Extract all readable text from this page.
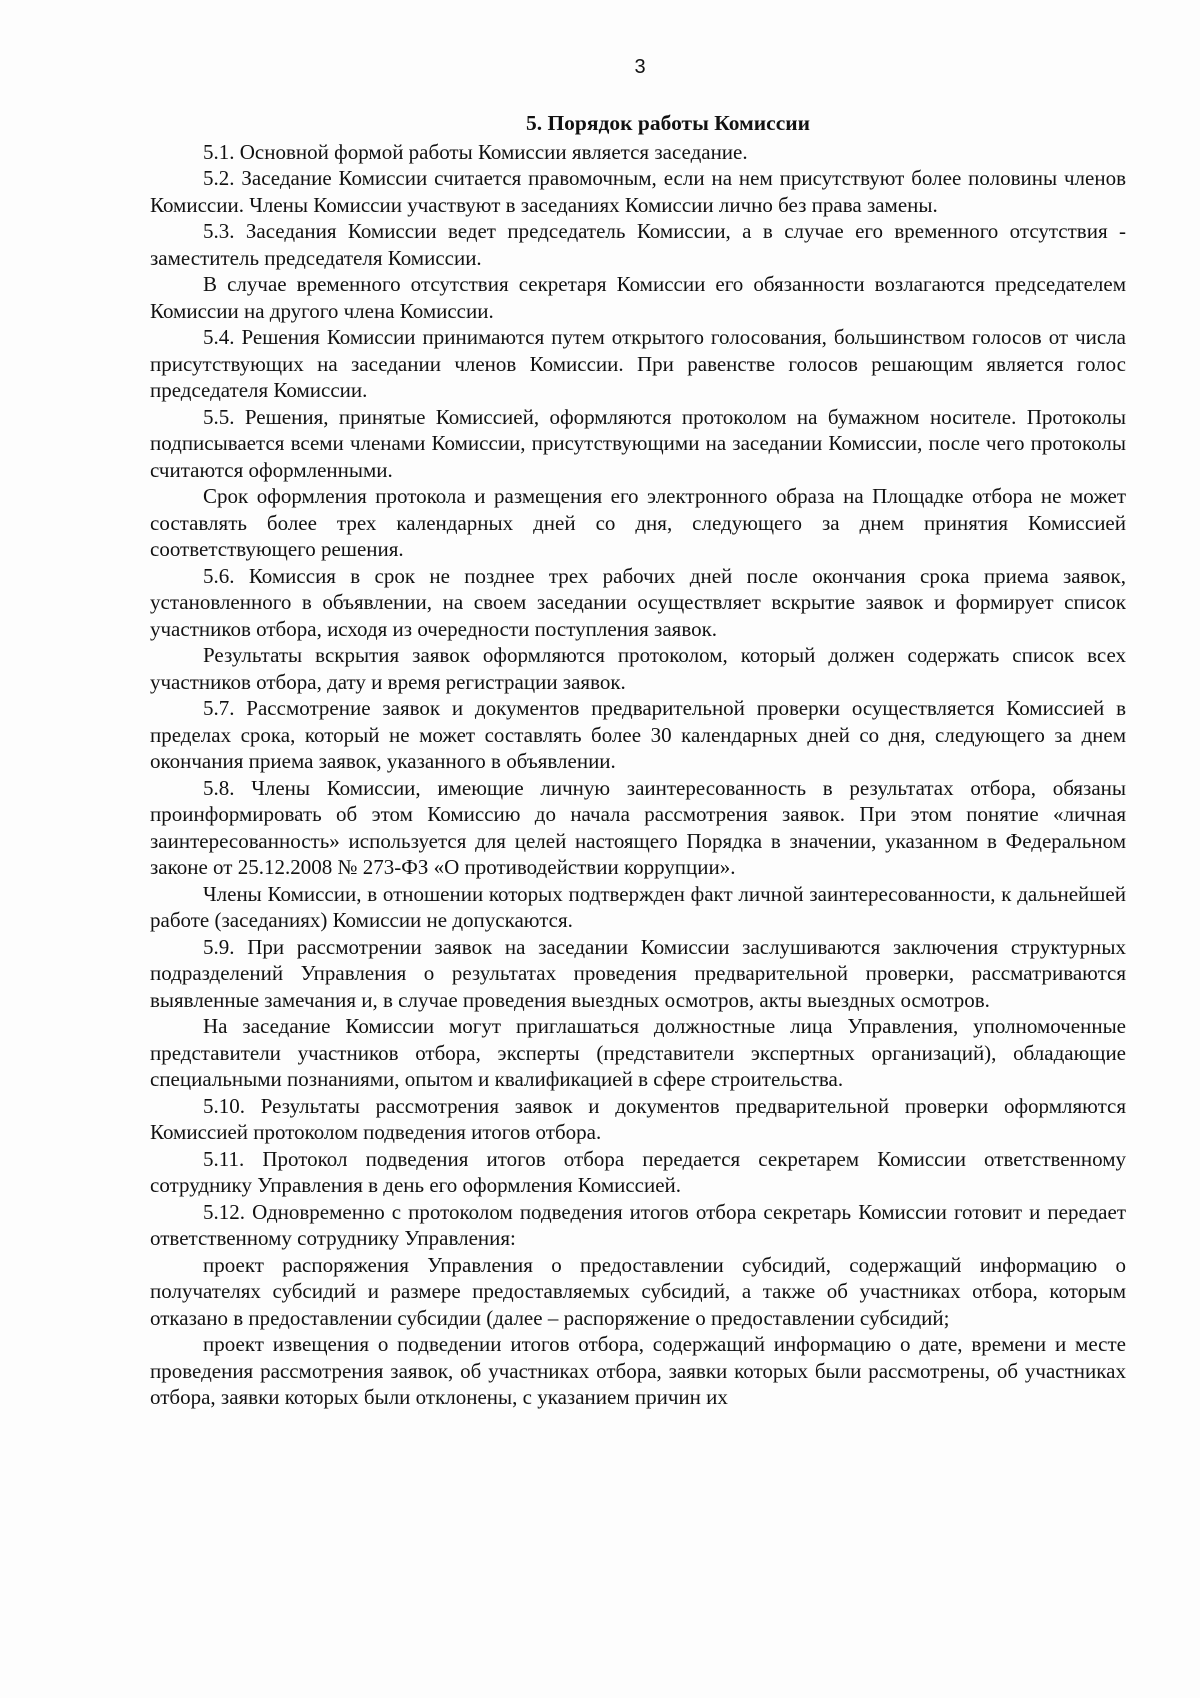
3
5. Порядок работы Комиссии

5.1. Основной формой работы Комиссии является заседание.

5.2. Заседание Комиссии считается правомочным, если на нем присутствуют более половины членов Комиссии. Члены Комиссии участвуют в заседаниях Комиссии лично без права замены.

5.3. Заседания Комиссии ведет председатель Комиссии, а в случае его временного отсутствия - заместитель председателя Комиссии.

В случае временного отсутствия секретаря Комиссии его обязанности возлагаются председателем Комиссии на другого члена Комиссии.

5.4. Решения Комиссии принимаются путем открытого голосования, большинством голосов от числа присутствующих на заседании членов Комиссии. При равенстве голосов решающим является голос председателя Комиссии.

5.5. Решения, принятые Комиссией, оформляются протоколом на бумажном носителе. Протоколы подписывается всеми членами Комиссии, присутствующими на заседании Комиссии, после чего протоколы считаются оформленными.

Срок оформления протокола и размещения его электронного образа на Площадке отбора не может составлять более трех календарных дней со дня, следующего за днем принятия Комиссией соответствующего решения.

5.6. Комиссия в срок не позднее трех рабочих дней после окончания срока приема заявок, установленного в объявлении, на своем заседании осуществляет вскрытие заявок и формирует список участников отбора, исходя из очередности поступления заявок.

Результаты вскрытия заявок оформляются протоколом, который должен содержать список всех участников отбора, дату и время регистрации заявок.

5.7. Рассмотрение заявок и документов предварительной проверки осуществляется Комиссией в пределах срока, который не может составлять более 30 календарных дней со дня, следующего за днем окончания приема заявок, указанного в объявлении.

5.8. Члены Комиссии, имеющие личную заинтересованность в результатах отбора, обязаны проинформировать об этом Комиссию до начала рассмотрения заявок. При этом понятие «личная заинтересованность» используется для целей настоящего Порядка в значении, указанном в Федеральном законе от 25.12.2008 № 273-ФЗ «О противодействии коррупции».

Члены Комиссии, в отношении которых подтвержден факт личной заинтересованности, к дальнейшей работе (заседаниях) Комиссии не допускаются.

5.9. При рассмотрении заявок на заседании Комиссии заслушиваются заключения структурных подразделений Управления о результатах проведения предварительной проверки, рассматриваются выявленные замечания и, в случае проведения выездных осмотров, акты выездных осмотров.

На заседание Комиссии могут приглашаться должностные лица Управления, уполномоченные представители участников отбора, эксперты (представители экспертных организаций), обладающие специальными познаниями, опытом и квалификацией в сфере строительства.

5.10. Результаты рассмотрения заявок и документов предварительной проверки оформляются Комиссией протоколом подведения итогов отбора.

5.11. Протокол подведения итогов отбора передается секретарем Комиссии ответственному сотруднику Управления в день его оформления Комиссией.

5.12. Одновременно с протоколом подведения итогов отбора секретарь Комиссии готовит и передает ответственному сотруднику Управления:

проект распоряжения Управления о предоставлении субсидий, содержащий информацию о получателях субсидий и размере предоставляемых субсидий, а также об участниках отбора, которым отказано в предоставлении субсидии (далее – распоряжение о предоставлении субсидий;

проект извещения о подведении итогов отбора, содержащий информацию о дате, времени и месте проведения рассмотрения заявок, об участниках отбора, заявки которых были рассмотрены, об участниках отбора, заявки которых были отклонены, с указанием причин их
